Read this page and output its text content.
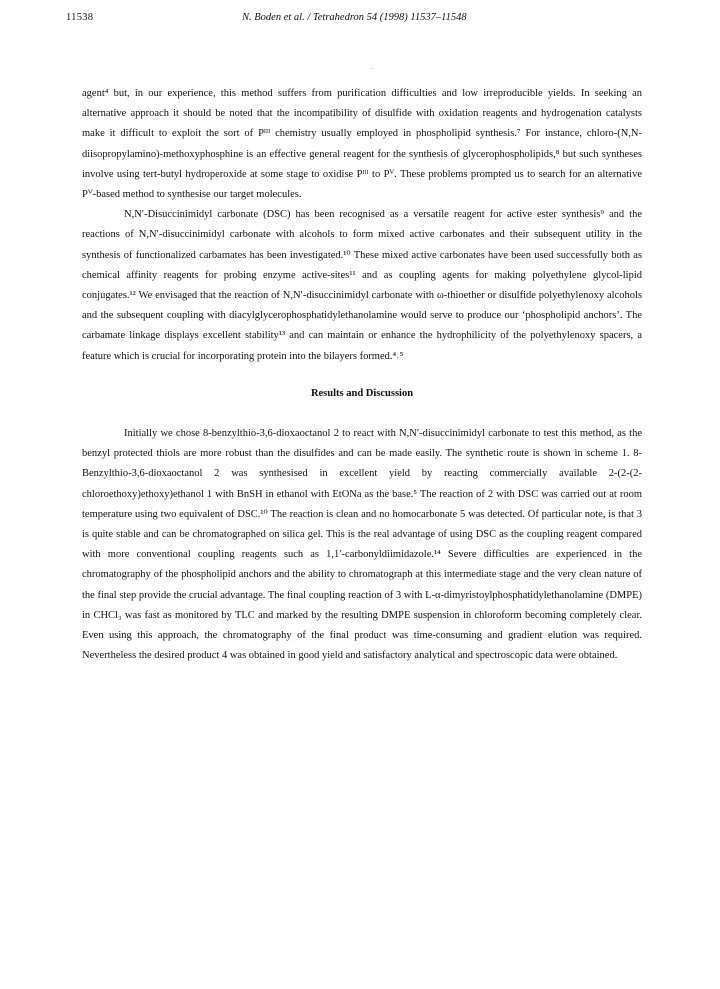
11538	N. Boden et al. / Tetrahedron 54 (1998) 11537–11548

agent⁴ but, in our experience, this method suffers from purification difficulties and low irreproducible yields. In seeking an alternative approach it should be noted that the incompatibility of disulfide with oxidation reagents and hydrogenation catalysts make it difficult to exploit the sort of Pᴵᴵᴵ chemistry usually employed in phospholipid synthesis.⁷ For instance, chloro-(N,N-diisopropylamino)-methoxyphosphine is an effective general reagent for the synthesis of glycerophospholipids,⁸ but such syntheses involve using tert-butyl hydroperoxide at some stage to oxidise Pᴵᴵᴵ to Pⱽ. These problems prompted us to search for an alternative Pⱽ-based method to synthesise our target molecules.

N,N′-Disuccinimidyl carbonate (DSC) has been recognised as a versatile reagent for active ester synthesis⁹ and the reactions of N,N′-disuccinimidyl carbonate with alcohols to form mixed active carbonates and their subsequent utility in the synthesis of functionalized carbamates has been investigated.¹⁰ These mixed active carbonates have been used successfully both as chemical affinity reagents for probing enzyme active-sites¹¹ and as coupling agents for making polyethylene glycol-lipid conjugates.¹² We envisaged that the reaction of N,N′-disuccinimidyl carbonate with ω-thioether or disulfide polyethylenoxy alcohols and the subsequent coupling with diacylglycerophosphatidylethanolamine would serve to produce our ‘phospholipid anchors’. The carbamate linkage displays excellent stability¹³ and can maintain or enhance the hydrophilicity of the polyethylenoxy spacers, a feature which is crucial for incorporating protein into the bilayers formed.⁴˒⁵

Results and Discussion

Initially we chose 8-benzylthio-3,6-dioxaoctanol 2 to react with N,N′-disuccinimidyl carbonate to test this method, as the benzyl protected thiols are more robust than the disulfides and can be made easily. The synthetic route is shown in scheme 1. 8-Benzylthio-3,6-dioxaoctanol 2 was synthesised in excellent yield by reacting commercially available 2-(2-(2-chloroethoxy)ethoxy)ethanol 1 with BnSH in ethanol with EtONa as the base.⁵ The reaction of 2 with DSC was carried out at room temperature using two equivalent of DSC.¹⁰ The reaction is clean and no homocarbonate 5 was detected. Of particular note, is that 3 is quite stable and can be chromatographed on silica gel. This is the real advantage of using DSC as the coupling reagent compared with more conventional coupling reagents such as 1,1′-carbonyldiimidazole.¹⁴ Severe difficulties are experienced in the chromatography of the phospholipid anchors and the ability to chromatograph at this intermediate stage and the very clean nature of the final step provide the crucial advantage. The final coupling reaction of 3 with L-α-dimyristoylphosphatidylethanolamine (DMPE) in CHCl₃ was fast as monitored by TLC and marked by the resulting DMPE suspension in chloroform becoming completely clear. Even using this approach, the chromatography of the final product was time-consuming and gradient elution was required. Nevertheless the desired product 4 was obtained in good yield and satisfactory analytical and spectroscopic data were obtained.
